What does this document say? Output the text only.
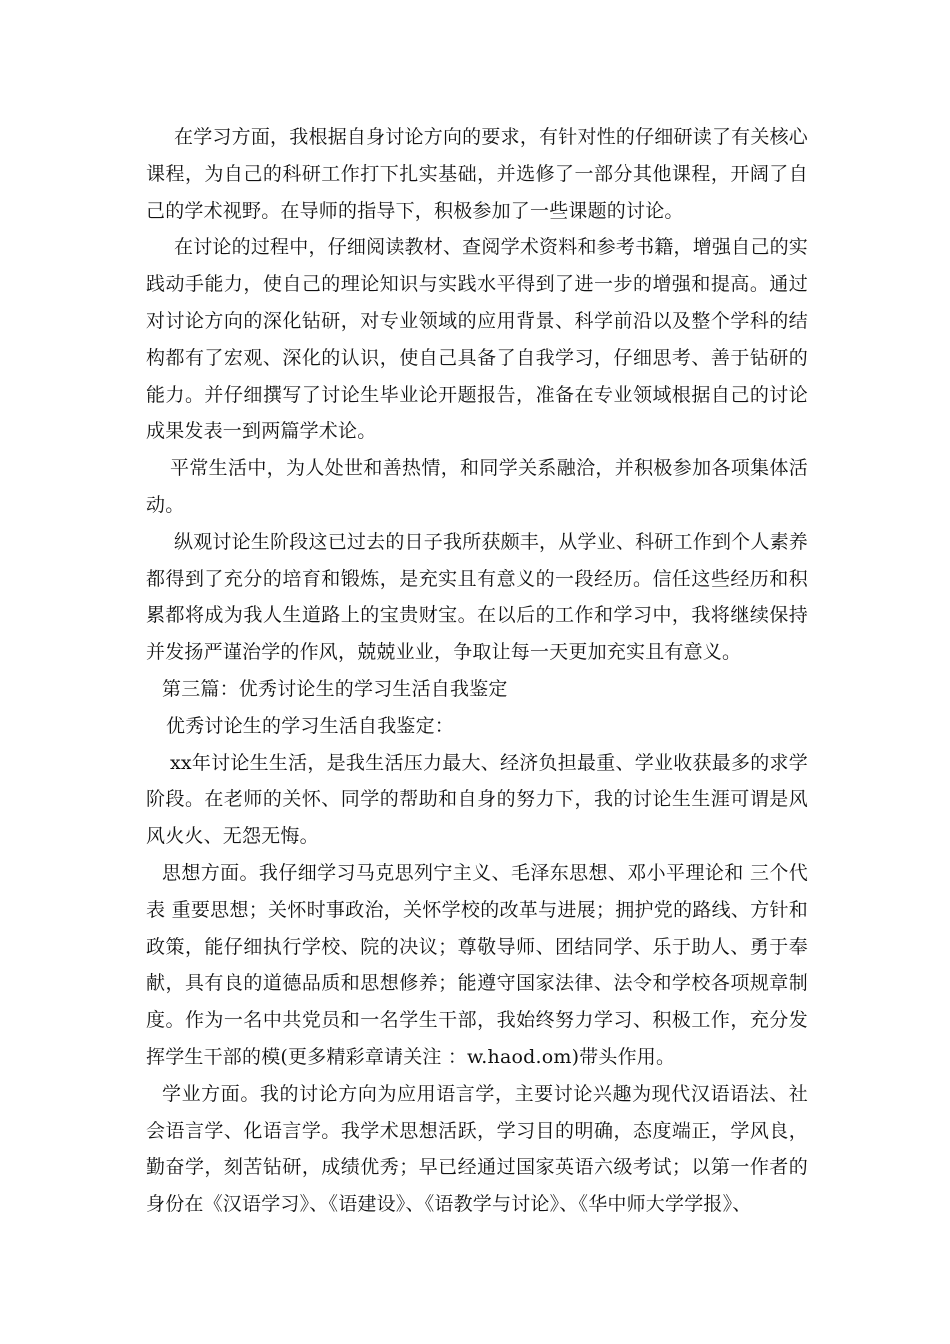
在学习方面，我根据自身讨论方向的要求，有针对性的仔细研读了有关核心课程，为自己的科研工作打下扎实基础，并选修了一部分其他课程，开阔了自己的学术视野。在导师的指导下，积极参加了一些课题的讨论。

在讨论的过程中，仔细阅读教材、查阅学术资料和参考书籍，增强自己的实践动手能力，使自己的理论知识与实践水平得到了进一步的增强和提高。通过对讨论方向的深化钻研，对专业领域的应用背景、科学前沿以及整个学科的结构都有了宏观、深化的认识，使自己具备了自我学习，仔细思考、善于钻研的能力。并仔细撰写了讨论生毕业论开题报告，准备在专业领域根据自己的讨论成果发表一到两篇学术论。

平常生活中，为人处世和善热情，和同学关系融洽，并积极参加各项集体活动。

纵观讨论生阶段这已过去的日子我所获颇丰，从学业、科研工作到个人素养都得到了充分的培育和锻炼，是充实且有意义的一段经历。信任这些经历和积累都将成为我人生道路上的宝贵财宝。在以后的工作和学习中，我将继续保持并发扬严谨治学的作风，兢兢业业，争取让每一天更加充实且有意义。

第三篇：优秀讨论生的学习生活自我鉴定

优秀讨论生的学习生活自我鉴定：

xx年讨论生生活，是我生活压力最大、经济负担最重、学业收获最多的求学阶段。在老师的关怀、同学的帮助和自身的努力下，我的讨论生生涯可谓是风风火火、无怨无悔。

思想方面。我仔细学习马克思列宁主义、毛泽东思想、邓小平理论和 三个代表 重要思想；关怀时事政治，关怀学校的改革与进展；拥护党的路线、方针和政策，能仔细执行学校、院的决议；尊敬导师、团结同学、乐于助人、勇于奉献，具有良的道德品质和思想修养；能遵守国家法律、法令和学校各项规章制度。作为一名中共党员和一名学生干部，我始终努力学习、积极工作，充分发挥学生干部的模(更多精彩章请关注 ：w.haod.om)带头作用。

学业方面。我的讨论方向为应用语言学，主要讨论兴趣为现代汉语语法、社会语言学、化语言学。我学术思想活跃，学习目的明确，态度端正，学风良，勤奋学，刻苦钻研，成绩优秀；早已经通过国家英语六级考试；以第一作者的身份在《汉语学习》、《语建设》、《语教学与讨论》、《华中师大学学报》、
